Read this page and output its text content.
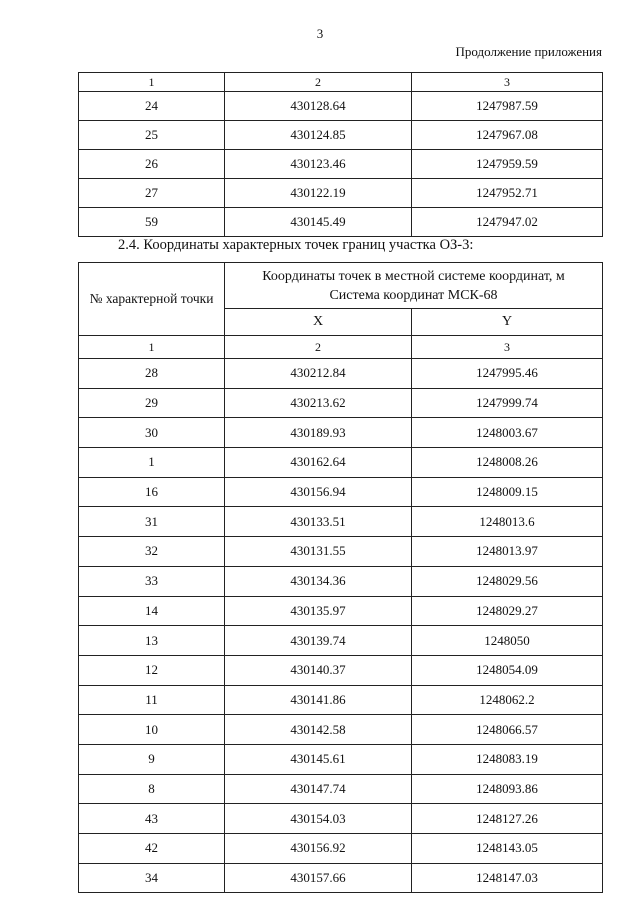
3
Продолжение приложения
1	2	3
24	430128.64	1247987.59
25	430124.85	1247967.08
26	430123.46	1247959.59
27	430122.19	1247952.71
59	430145.49	1247947.02
2.4. Координаты характерных точек границ участка ОЗ-3:
№ характерной точки	Координаты точек в местной системе координат, м
Система координат МСК-68	
	X	Y
1	2	3
28	430212.84	1247995.46
29	430213.62	1247999.74
30	430189.93	1248003.67
1	430162.64	1248008.26
16	430156.94	1248009.15
31	430133.51	1248013.6
32	430131.55	1248013.97
33	430134.36	1248029.56
14	430135.97	1248029.27
13	430139.74	1248050
12	430140.37	1248054.09
11	430141.86	1248062.2
10	430142.58	1248066.57
9	430145.61	1248083.19
8	430147.74	1248093.86
43	430154.03	1248127.26
42	430156.92	1248143.05
34	430157.66	1248147.03
